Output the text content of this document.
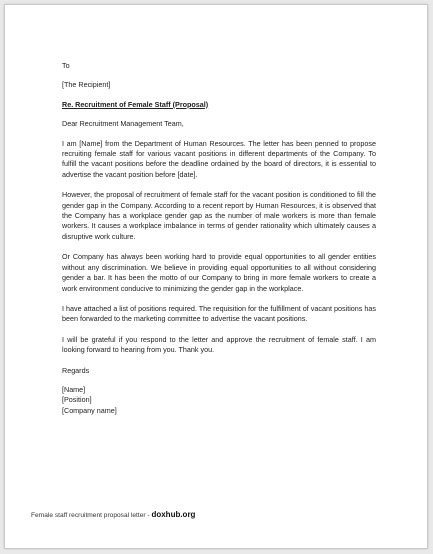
To

[The Recipient]

Re. Recruitment of Female Staff (Proposal)

Dear Recruitment Management Team,

I am [Name] from the Department of Human Resources. The letter has been penned to propose recruiting female staff for various vacant positions in different departments of the Company. To fulfill the vacant positions before the deadline ordained by the board of directors, it is essential to advertise the vacant position before [date].

However, the proposal of recruitment of female staff for the vacant position is conditioned to fill the gender gap in the Company. According to a recent report by Human Resources, it is observed that the Company has a workplace gender gap as the number of male workers is more than female workers. It causes a workplace imbalance in terms of gender rationality which ultimately causes a disruptive work culture.

Or Company has always been working hard to provide equal opportunities to all gender entities without any discrimination. We believe in providing equal opportunities to all without considering gender a bar. It has been the motto of our Company to bring in more female workers to create a work environment conducive to minimizing the gender gap in the workplace.

I have attached a list of positions required. The requisition for the fulfillment of vacant positions has been forwarded to the marketing committee to advertise the vacant positions.

I will be grateful if you respond to the letter and approve the recruitment of female staff. I am looking forward to hearing from you. Thank you.

Regards

[Name]

[Position]

[Company name]

Female staff recruitment proposal letter - doxhub.org
